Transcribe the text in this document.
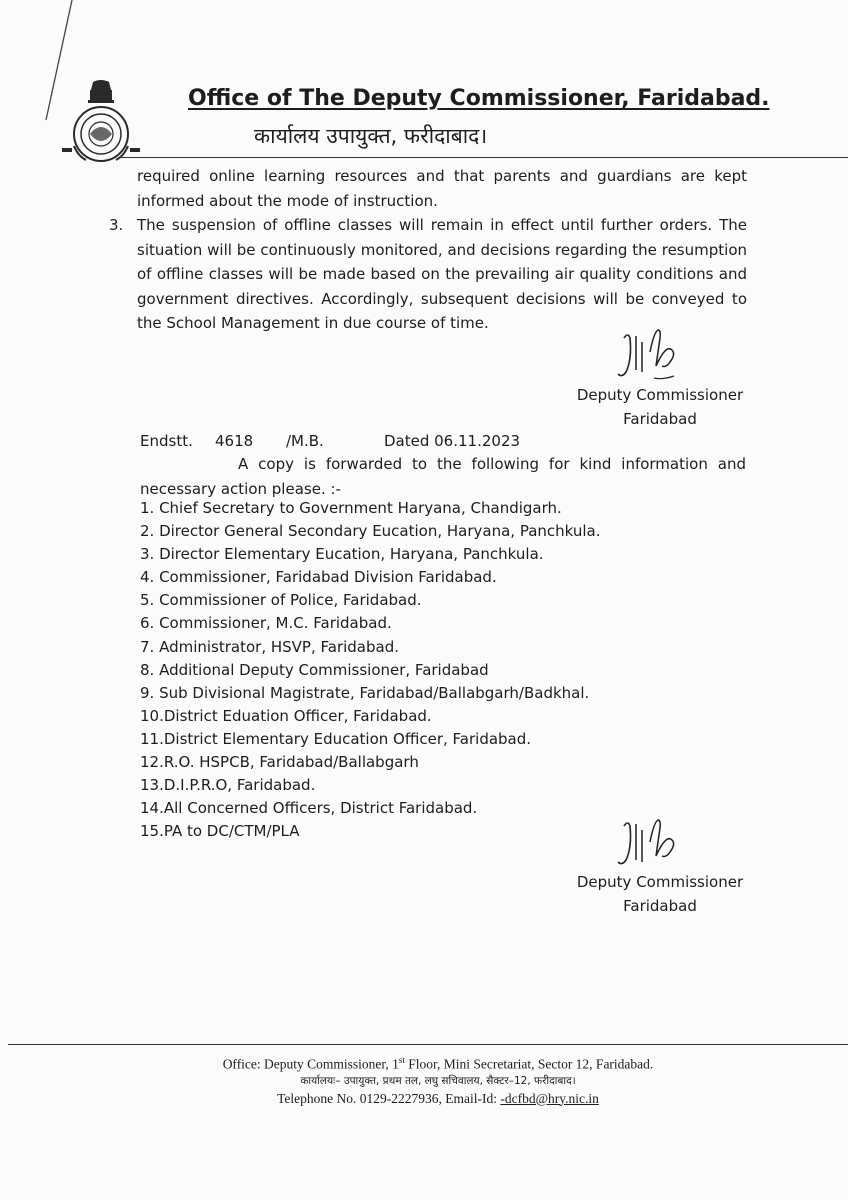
Office of The Deputy Commissioner, Faridabad.
कार्यालय उपायुक्त, फरीदाबाद।
required online learning resources and that parents and guardians are kept informed about the mode of instruction.
3. The suspension of offline classes will remain in effect until further orders. The situation will be continuously monitored, and decisions regarding the resumption of offline classes will be made based on the prevailing air quality conditions and government directives. Accordingly, subsequent decisions will be conveyed to the School Management in due course of time.
Deputy Commissioner
Faridabad
Endstt. 4618 /M.B.	Dated 06.11.2023
A copy is forwarded to the following for kind information and necessary action please. :-
1. Chief Secretary to Government Haryana, Chandigarh.
2. Director General Secondary Eucation, Haryana, Panchkula.
3. Director Elementary Eucation, Haryana, Panchkula.
4. Commissioner, Faridabad Division Faridabad.
5. Commissioner of Police, Faridabad.
6. Commissioner, M.C. Faridabad.
7. Administrator, HSVP, Faridabad.
8. Additional Deputy Commissioner, Faridabad
9. Sub Divisional Magistrate, Faridabad/Ballabgarh/Badkhal.
10.District Eduation Officer, Faridabad.
11.District Elementary Education Officer, Faridabad.
12.R.O. HSPCB, Faridabad/Ballabgarh
13.D.I.P.R.O, Faridabad.
14.All Concerned Officers, District Faridabad.
15.PA to DC/CTM/PLA
Deputy Commissioner
Faridabad
Office: Deputy Commissioner, 1st Floor, Mini Secretariat, Sector 12, Faridabad.
कार्यालयः– उपायुक्त, प्रथम तल, लघु सचिवालय, सैक्टर–12, फरीदाबाद।
Telephone No. 0129-2227936, Email-Id: -dcfbd@hry.nic.in
